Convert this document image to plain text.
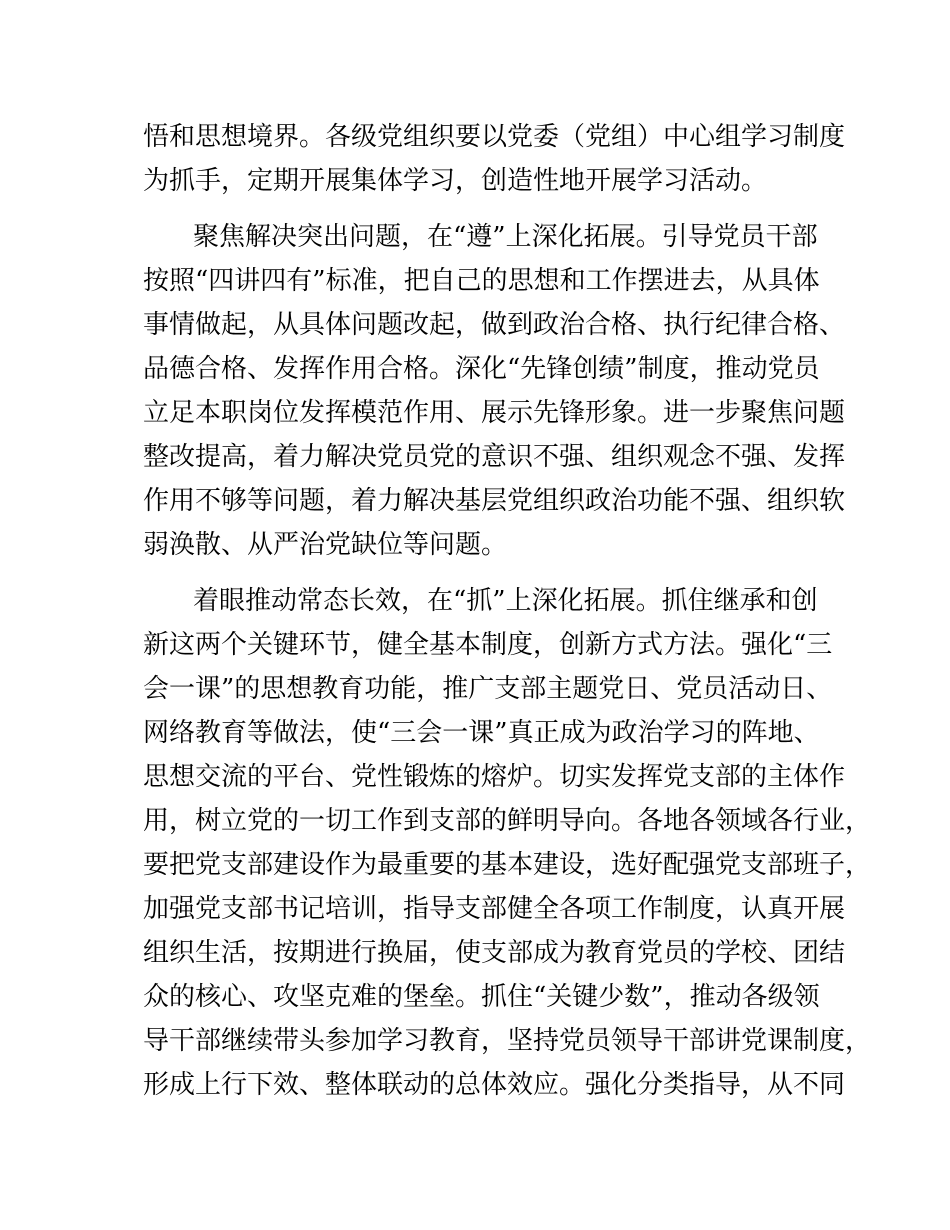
悟和思想境界。各级党组织要以党委（党组）中心组学习制度
为抓手，定期开展集体学习，创造性地开展学习活动。
聚焦解决突出问题，在“遵”上深化拓展。引导党员干部
按照“四讲四有”标准，把自己的思想和工作摆进去，从具体
事情做起，从具体问题改起，做到政治合格、执行纪律合格、
品德合格、发挥作用合格。深化“先锋创绩”制度，推动党员
立足本职岗位发挥模范作用、展示先锋形象。进一步聚焦问题
整改提高，着力解决党员党的意识不强、组织观念不强、发挥
作用不够等问题，着力解决基层党组织政治功能不强、组织软
弱涣散、从严治党缺位等问题。
着眼推动常态长效，在“抓”上深化拓展。抓住继承和创
新这两个关键环节，健全基本制度，创新方式方法。强化“三
会一课”的思想教育功能，推广支部主题党日、党员活动日、
网络教育等做法，使“三会一课”真正成为政治学习的阵地、
思想交流的平台、党性锻炼的熔炉。切实发挥党支部的主体作
用，树立党的一切工作到支部的鲜明导向。各地各领域各行业，
要把党支部建设作为最重要的基本建设，选好配强党支部班子，
加强党支部书记培训，指导支部健全各项工作制度，认真开展
组织生活，按期进行换届，使支部成为教育党员的学校、团结
众的核心、攻坚克难的堡垒。抓住“关键少数”，推动各级领
导干部继续带头参加学习教育，坚持党员领导干部讲党课制度，
形成上行下效、整体联动的总体效应。强化分类指导，从不同
